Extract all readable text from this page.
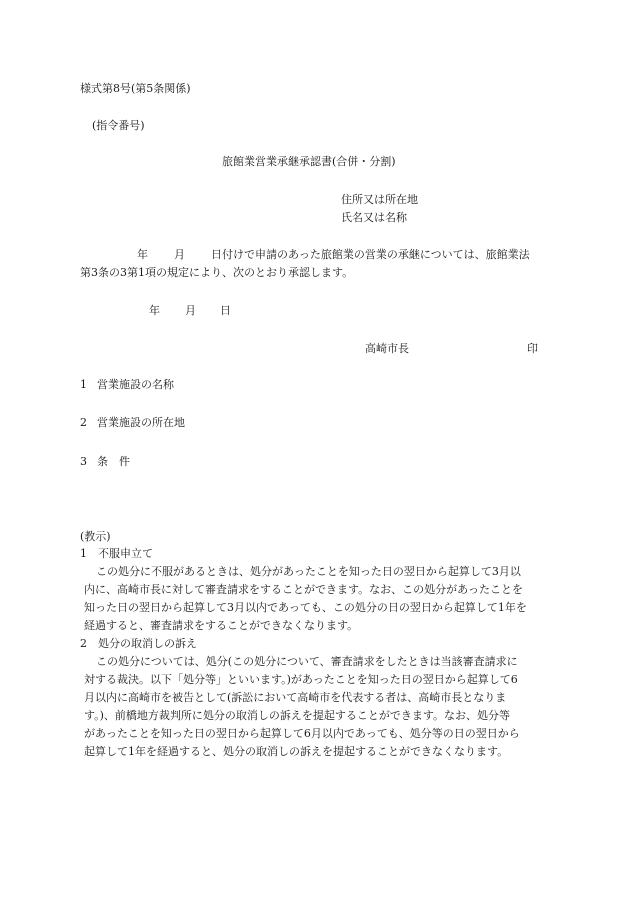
様式第8号(第5条関係)
(指令番号)
旅館業営業承継承認書(合併・分割)
住所又は所在地
氏名又は名称
年 月 日付けで申請のあった旅館業の営業の承継については、旅館業法
第3条の3第1項の規定により、次のとおり承認します。
年 月 日
高崎市長	印
1 営業施設の名称
2 営業施設の所在地
3 条　件
(教示)
1　不服申立て
この処分に不服があるときは、処分があったことを知った日の翌日から起算して3月以
内に、高崎市長に対して審査請求をすることができます。なお、この処分があったことを
知った日の翌日から起算して3月以内であっても、この処分の日の翌日から起算して1年を
経過すると、審査請求をすることができなくなります。
2　処分の取消しの訴え
この処分については、処分(この処分について、審査請求をしたときは当該審査請求に
対する裁決。以下「処分等」といいます。)があったことを知った日の翌日から起算して6
月以内に高崎市を被告として(訴訟において高崎市を代表する者は、高崎市長となりま
す。)、前橋地方裁判所に処分の取消しの訴えを提起することができます。なお、処分等
があったことを知った日の翌日から起算して6月以内であっても、処分等の日の翌日から
起算して1年を経過すると、処分の取消しの訴えを提起することができなくなります。
